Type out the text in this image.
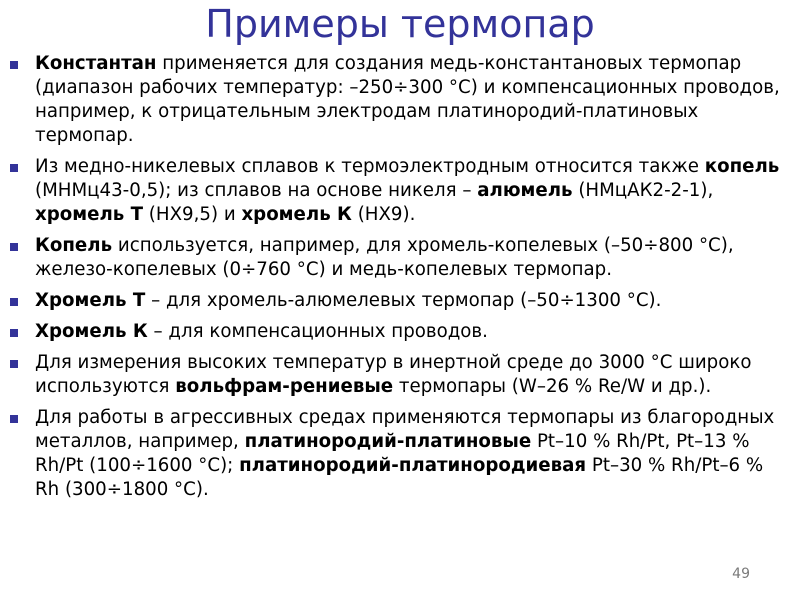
Примеры термопар
Константан применяется для создания медь-константановых термопар (диапазон рабочих температур: –250÷300 °С) и компенсационных проводов, например, к отрицательным электродам платинородий-платиновых термопар.
Из медно-никелевых сплавов к термоэлектродным относится также копель (МНМц43-0,5); из сплавов на основе никеля – алюмель (НМцАК2-2-1), хромель Т (НХ9,5) и хромель К (НХ9).
Копель используется, например, для хромель-копелевых (–50÷800 °С), железо-копелевых (0÷760 °С) и медь-копелевых термопар.
Хромель Т – для хромель-алюмелевых термопар (–50÷1300 °С).
Хромель К – для компенсационных проводов.
Для измерения высоких температур в инертной среде до 3000 °С широко используются вольфрам-рениевые термопары (W–26 % Re/W и др.).
Для работы в агрессивных средах применяются термопары из благородных металлов, например, платинородий-платиновые Pt–10 % Rh/Pt, Pt–13 % Rh/Pt (100÷1600 °С); платинородий-платинородиевая Pt–30 % Rh/Pt–6 % Rh (300÷1800 °С).
49
